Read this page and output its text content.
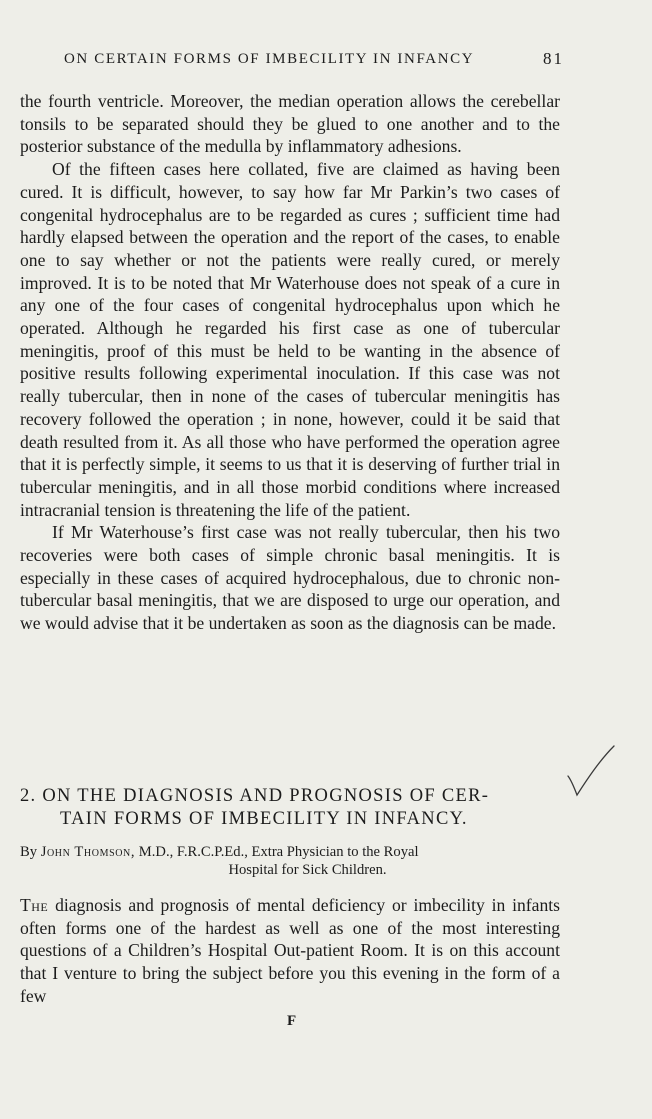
ON CERTAIN FORMS OF IMBECILITY IN INFANCY	81

the fourth ventricle. Moreover, the median operation allows the cerebellar tonsils to be separated should they be glued to one another and to the posterior substance of the medulla by inflammatory adhesions.

Of the fifteen cases here collated, five are claimed as having been cured. It is difficult, however, to say how far Mr Parkin’s two cases of congenital hydrocephalus are to be regarded as cures ; sufficient time had hardly elapsed between the operation and the report of the cases, to enable one to say whether or not the patients were really cured, or merely improved. It is to be noted that Mr Waterhouse does not speak of a cure in any one of the four cases of congenital hydrocephalus upon which he operated. Although he regarded his first case as one of tubercular meningitis, proof of this must be held to be wanting in the absence of positive results following experimental inoculation. If this case was not really tubercular, then in none of the cases of tubercular meningitis has recovery followed the operation ; in none, however, could it be said that death resulted from it. As all those who have performed the operation agree that it is perfectly simple, it seems to us that it is deserving of further trial in tubercular meningitis, and in all those morbid conditions where increased intracranial tension is threatening the life of the patient.

If Mr Waterhouse’s first case was not really tubercular, then his two recoveries were both cases of simple chronic basal meningitis. It is especially in these cases of acquired hydrocephalous, due to chronic non-tubercular basal meningitis, that we are disposed to urge our operation, and we would advise that it be undertaken as soon as the diagnosis can be made.

2. ON THE DIAGNOSIS AND PROGNOSIS OF CER-
TAIN FORMS OF IMBECILITY IN INFANCY.
By John Thomson, M.D., F.R.C.P.Ed., Extra Physician to the Royal
Hospital for Sick Children.

The diagnosis and prognosis of mental deficiency or imbecility in infants often forms one of the hardest as well as one of the most interesting questions of a Children’s Hospital Out-patient Room. It is on this account that I venture to bring the subject before you this evening in the form of a few

F
